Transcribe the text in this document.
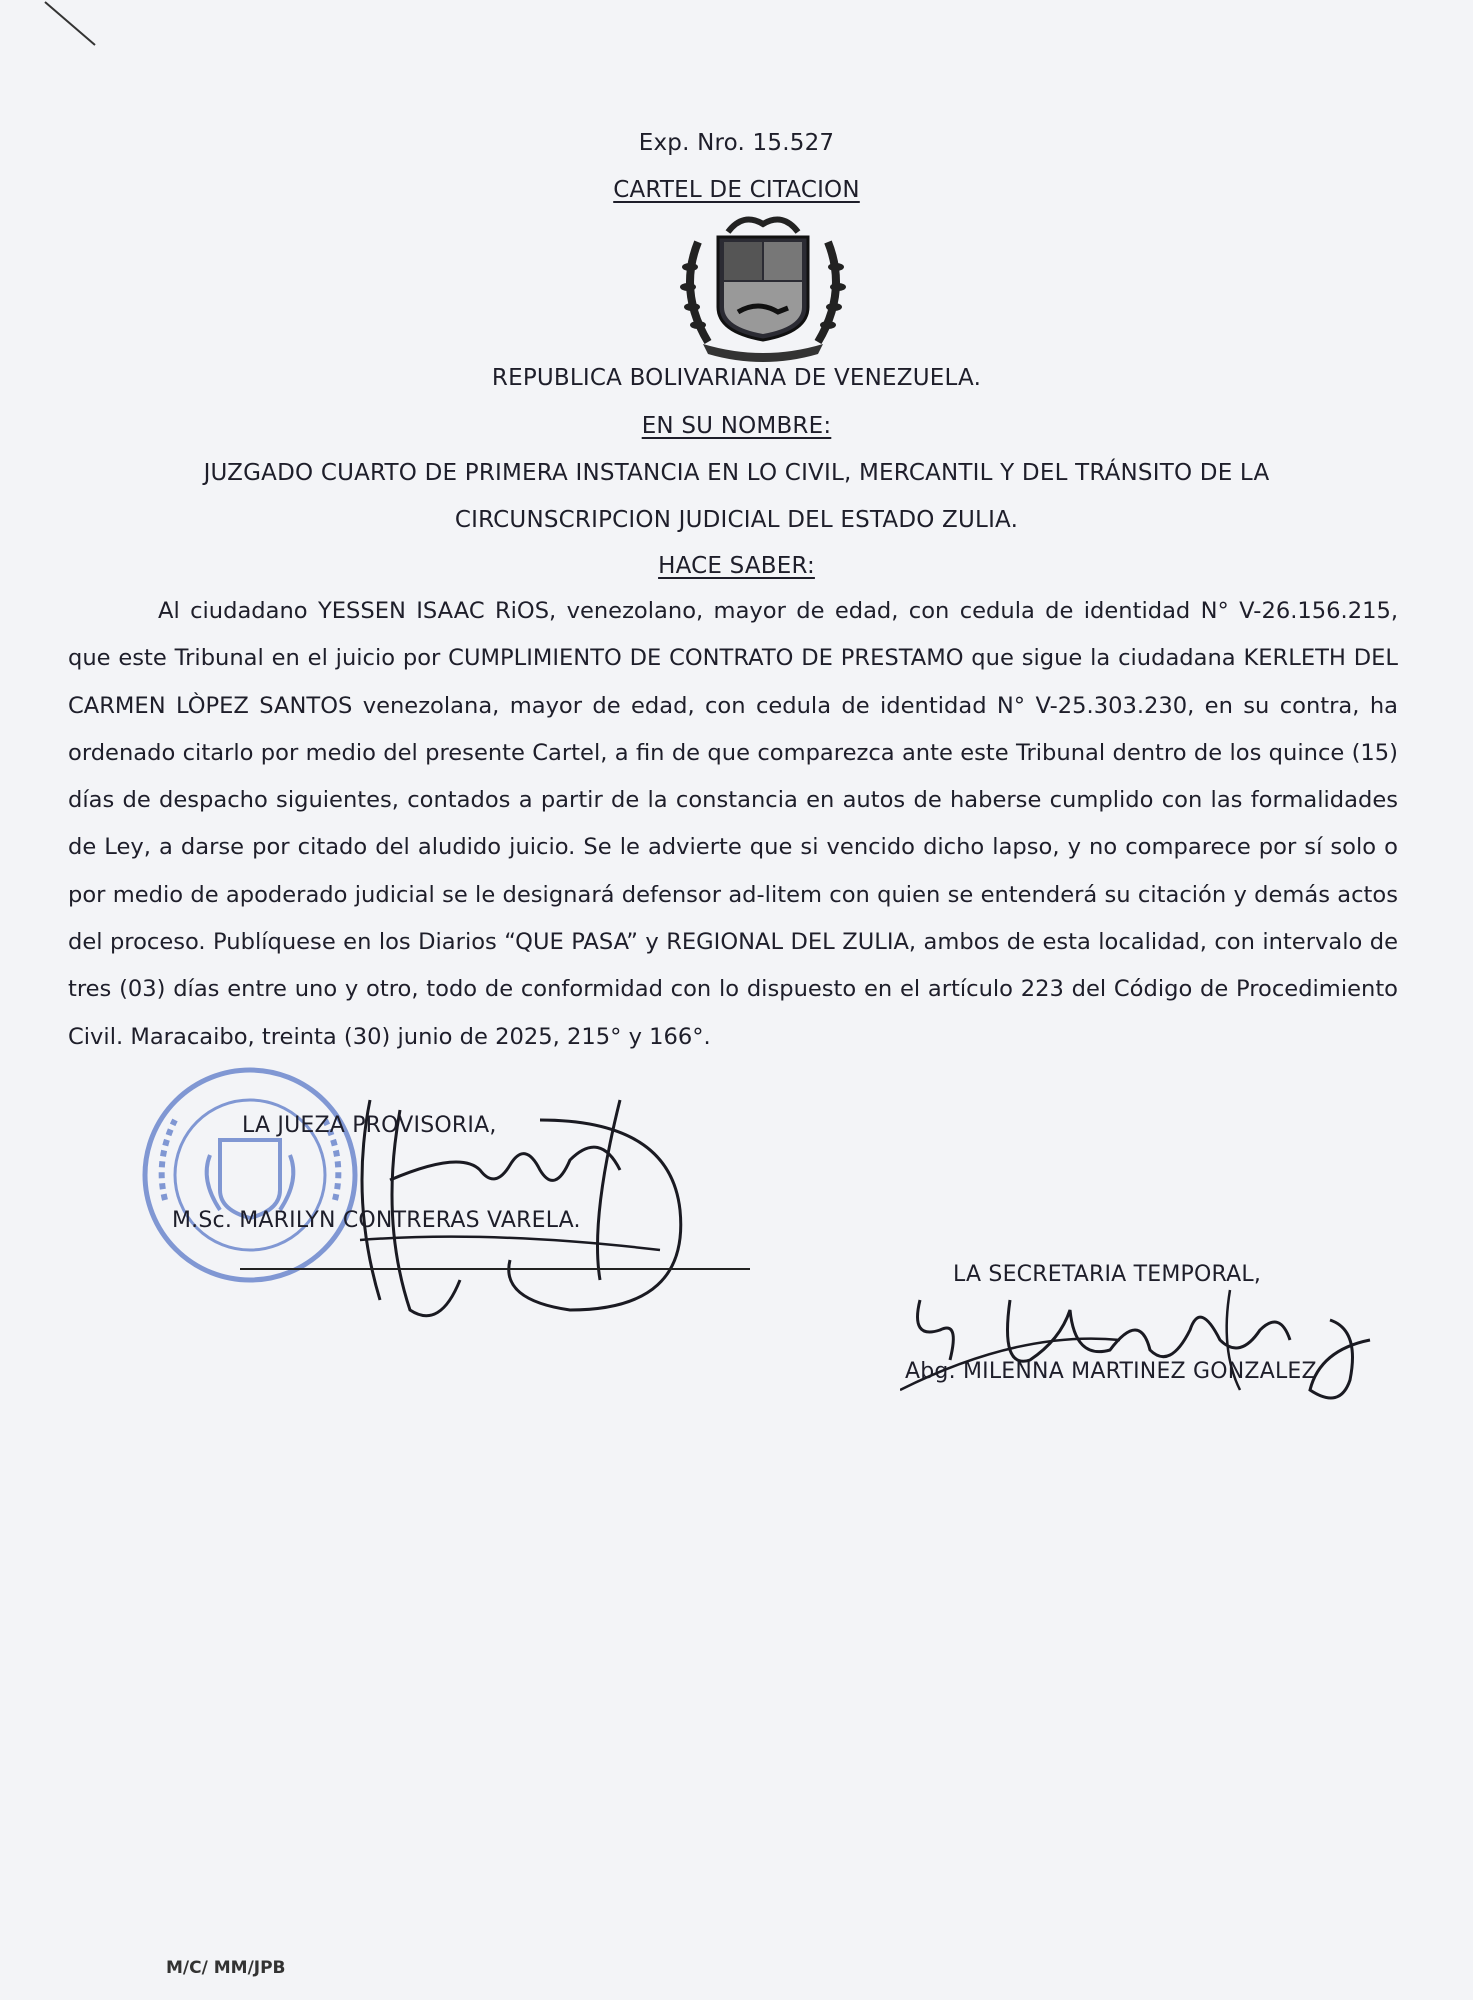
Exp. Nro. 15.527
CARTEL DE CITACION
REPUBLICA BOLIVARIANA DE VENEZUELA.
EN SU NOMBRE:
JUZGADO CUARTO DE PRIMERA INSTANCIA EN LO CIVIL, MERCANTIL Y DEL TRÁNSITO DE LA
CIRCUNSCRIPCION JUDICIAL DEL ESTADO ZULIA.
HACE SABER:
Al ciudadano YESSEN ISAAC RiOS, venezolano, mayor de edad, con cedula de identidad N° V-26.156.215, que este Tribunal en el juicio por CUMPLIMIENTO DE CONTRATO DE PRESTAMO que sigue la ciudadana KERLETH DEL CARMEN LÒPEZ SANTOS venezolana, mayor de edad, con cedula de identidad N° V-25.303.230, en su contra, ha ordenado citarlo por medio del presente Cartel, a fin de que comparezca ante este Tribunal dentro de los quince (15) días de despacho siguientes, contados a partir de la constancia en autos de haberse cumplido con las formalidades de Ley, a darse por citado del aludido juicio. Se le advierte que si vencido dicho lapso, y no comparece por sí solo o por medio de apoderado judicial se le designará defensor ad-litem con quien se entenderá su citación y demás actos del proceso. Publíquese en los Diarios “QUE PASA” y REGIONAL DEL ZULIA, ambos de esta localidad, con intervalo de tres (03) días entre uno y otro, todo de conformidad con lo dispuesto en el artículo 223 del Código de Procedimiento Civil. Maracaibo, treinta (30) junio de 2025, 215° y 166°.
LA JUEZA PROVISORIA,
M.Sc. MARILYN CONTRERAS VARELA.
LA SECRETARIA TEMPORAL,
Abg. MILENNA MARTINEZ GONZALEZ
M/C/ MM/JPB
